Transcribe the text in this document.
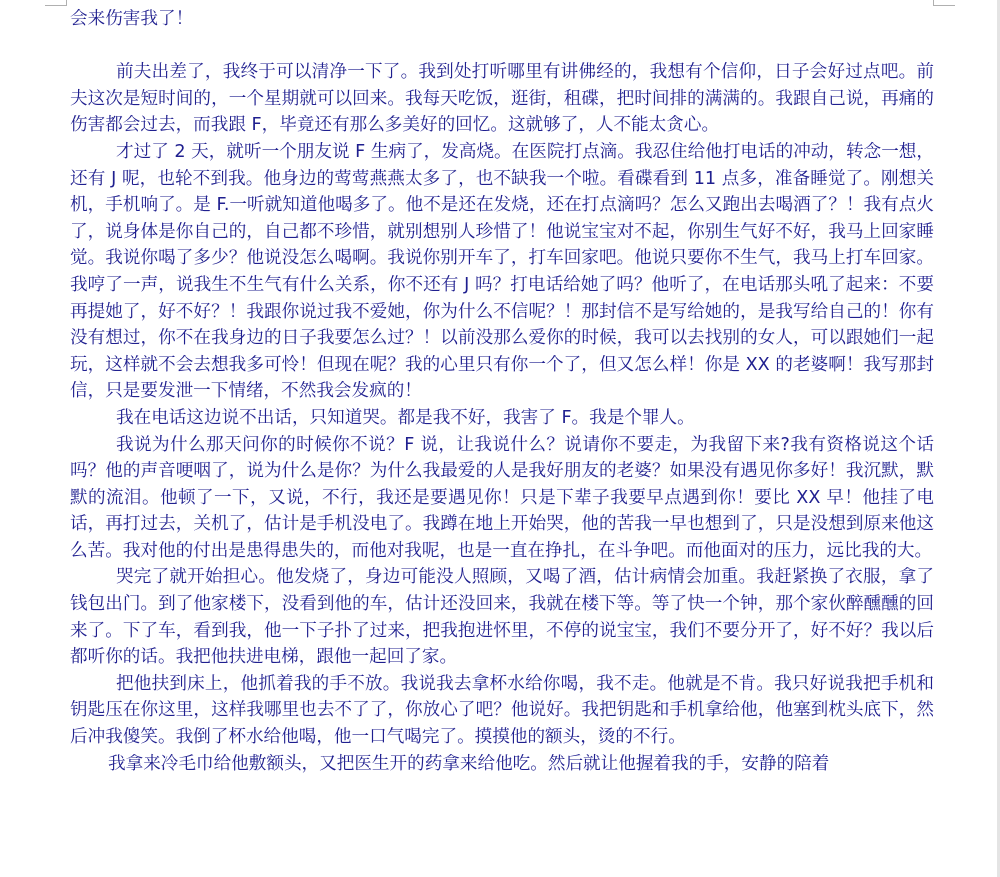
会来伤害我了！

前夫出差了，我终于可以清净一下了。我到处打听哪里有讲佛经的，我想有个信仰，日子会好过点吧。前夫这次是短时间的，一个星期就可以回来。我每天吃饭，逛街，租碟，把时间排的满满的。我跟自己说，再痛的伤害都会过去，而我跟 F，毕竟还有那么多美好的回忆。这就够了，人不能太贪心。

才过了 2 天，就听一个朋友说 F 生病了，发高烧。在医院打点滴。我忍住给他打电话的冲动，转念一想，还有 J 呢，也轮不到我。他身边的莺莺燕燕太多了，也不缺我一个啦。看碟看到 11 点多，准备睡觉了。刚想关机，手机响了。是 F.一听就知道他喝多了。他不是还在发烧，还在打点滴吗？怎么又跑出去喝酒了？！我有点火了，说身体是你自己的，自己都不珍惜，就别想别人珍惜了！他说宝宝对不起，你别生气好不好，我马上回家睡觉。我说你喝了多少？他说没怎么喝啊。我说你别开车了，打车回家吧。他说只要你不生气，我马上打车回家。我哼了一声，说我生不生气有什么关系，你不还有 J 吗？打电话给她了吗？他听了，在电话那头吼了起来：不要再提她了，好不好？！我跟你说过我不爱她，你为什么不信呢？！那封信不是写给她的，是我写给自己的！你有没有想过，你不在我身边的日子我要怎么过？！以前没那么爱你的时候，我可以去找别的女人，可以跟她们一起玩，这样就不会去想我多可怜！但现在呢？我的心里只有你一个了，但又怎么样！你是 XX 的老婆啊！我写那封信，只是要发泄一下情绪，不然我会发疯的！

我在电话这边说不出话，只知道哭。都是我不好，我害了 F。我是个罪人。

我说为什么那天问你的时候你不说？F 说，让我说什么？说请你不要走，为我留下来?我有资格说这个话吗？他的声音哽咽了，说为什么是你？为什么我最爱的人是我好朋友的老婆？如果没有遇见你多好！我沉默，默默的流泪。他顿了一下，又说，不行，我还是要遇见你！只是下辈子我要早点遇到你！要比 XX 早！他挂了电话，再打过去，关机了，估计是手机没电了。我蹲在地上开始哭，他的苦我一早也想到了，只是没想到原来他这么苦。我对他的付出是患得患失的，而他对我呢，也是一直在挣扎，在斗争吧。而他面对的压力，远比我的大。

哭完了就开始担心。他发烧了，身边可能没人照顾，又喝了酒，估计病情会加重。我赶紧换了衣服，拿了钱包出门。到了他家楼下，没看到他的车，估计还没回来，我就在楼下等。等了快一个钟，那个家伙醉醺醺的回来了。下了车，看到我，他一下子扑了过来，把我抱进怀里，不停的说宝宝，我们不要分开了，好不好？我以后都听你的话。我把他扶进电梯，跟他一起回了家。

把他扶到床上，他抓着我的手不放。我说我去拿杯水给你喝，我不走。他就是不肯。我只好说我把手机和钥匙压在你这里，这样我哪里也去不了了，你放心了吧？他说好。我把钥匙和手机拿给他，他塞到枕头底下，然后冲我傻笑。我倒了杯水给他喝，他一口气喝完了。摸摸他的额头，烫的不行。

我拿来冷毛巾给他敷额头，又把医生开的药拿来给他吃。然后就让他握着我的手，安静的陪着
